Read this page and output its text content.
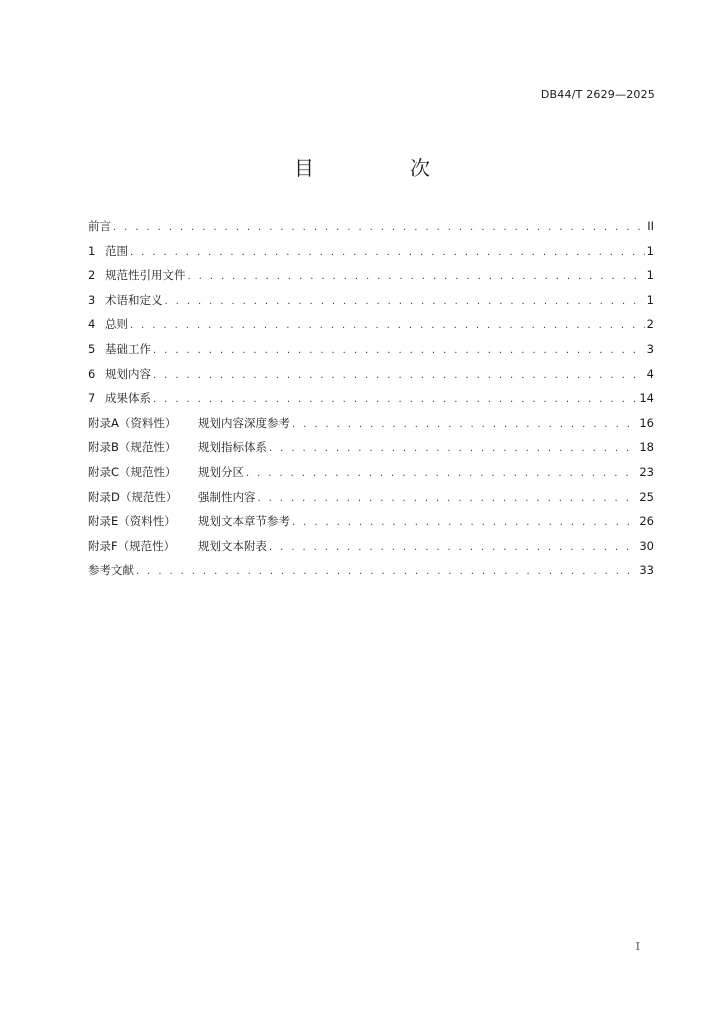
DB44/T 2629—2025
目　次
前言 . . .	II
1 范围 . . .	1
2 规范性引用文件 . . .	1
3 术语和定义 . . .	1
4 总则 . . .	2
5 基础工作 . . .	3
6 规划内容 . . .	4
7 成果体系 . . .	14
附录A（资料性） 规划内容深度参考 . . .	16
附录B（规范性） 规划指标体系 . . .	18
附录C（规范性） 规划分区 . . .	23
附录D（规范性） 强制性内容 . . .	25
附录E（资料性） 规划文本章节参考 . . .	26
附录F（规范性） 规划文本附表 . . .	30
参考文献 . . .	33
I
